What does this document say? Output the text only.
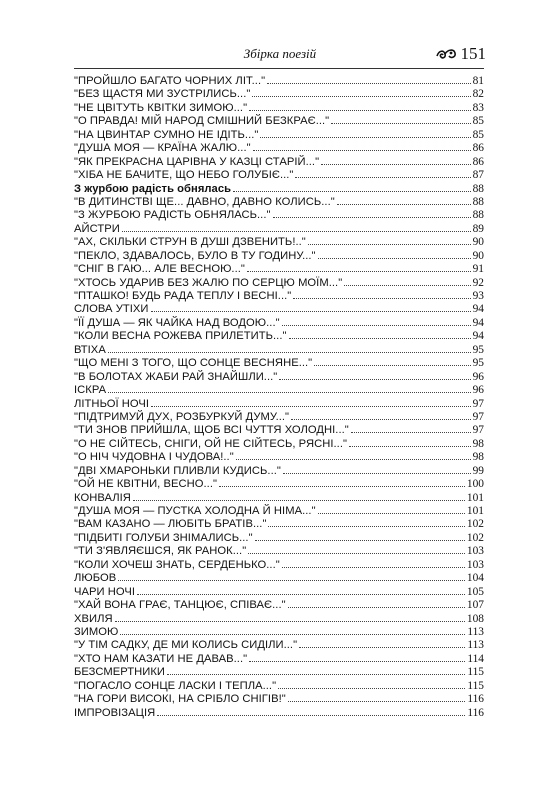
Збірка поезій	151
"ПРОЙШЛО БАГАТО ЧОРНИХ ЛІТ..."	81
"БЕЗ ЩАСТЯ МИ ЗУСТРІЛИСЬ..."	82
"НЕ ЦВІТУТЬ КВІТКИ ЗИМОЮ..."	83
"О ПРАВДА! МІЙ НАРОД СМІШНИЙ БЕЗКРАЄ..."	85
"НА ЦВИНТАР СУМНО НЕ ІДІТЬ..."	85
"ДУША МОЯ — КРАЇНА ЖАЛЮ..."	86
"ЯК ПРЕКРАСНА ЦАРІВНА У КАЗЦІ СТАРІЙ..."	86
"ХІБА НЕ БАЧИТЕ, ЩО НЕБО ГОЛУБІЄ..."	87
З журбою радість обнялась	88
"В ДИТИНСТВІ ЩЕ... ДАВНО, ДАВНО КОЛИСЬ..."	88
"З ЖУРБОЮ РАДІСТЬ ОБНЯЛАСЬ..."	88
АЙСТРИ	89
"АХ, СКІЛЬКИ СТРУН В ДУШІ ДЗВЕНИТЬ!.."	90
"ПЕКЛО, ЗДАВАЛОСЬ, БУЛО В ТУ ГОДИНУ..."	90
"СНІГ В ГАЮ... АЛЕ ВЕСНОЮ..."	91
"ХТОСЬ УДАРИВ БЕЗ ЖАЛЮ ПО СЕРЦЮ МОЇМ..."	92
"ПТАШКО! БУДЬ РАДА ТЕПЛУ І ВЕСНІ..."	93
СЛОВА УТІХИ	94
"ЇЇ ДУША — ЯК ЧАЙКА НАД ВОДОЮ..."	94
"КОЛИ ВЕСНА РОЖЕВА ПРИЛЕТИТЬ..."	94
ВТІХА	95
"ЩО МЕНІ З ТОГО, ЩО СОНЦЕ ВЕСНЯНЕ..."	95
"В БОЛОТАХ ЖАБИ РАЙ ЗНАЙШЛИ..."	96
ІСКРА	96
ЛІТНЬОЇ НОЧІ	97
"ПІДТРИМУЙ ДУХ, РОЗБУРКУЙ ДУМУ..."	97
"ТИ ЗНОВ ПРИЙШЛА, ЩОБ ВСІ ЧУТТЯ ХОЛОДНІ..."	97
"О НЕ СІЙТЕСЬ, СНІГИ, ОЙ НЕ СІЙТЕСЬ, РЯСНІ..."	98
"О НІЧ ЧУДОВНА І ЧУДОВА!.."	98
"ДВІ ХМАРОНЬКИ ПЛИВЛИ КУДИСЬ..."	99
"ОЙ НЕ КВІТНИ, ВЕСНО..."	100
КОНВАЛІЯ	101
"ДУША МОЯ — ПУСТКА ХОЛОДНА Й НІМА..."	101
"ВАМ КАЗАНО — ЛЮБІТЬ БРАТІВ..."	102
"ПІДБИТІ ГОЛУБИ ЗНІМАЛИСЬ..."	102
"ТИ З'ЯВЛЯЄШСЯ, ЯК РАНОК..."	103
"КОЛИ ХОЧЕШ ЗНАТЬ, СЕРДЕНЬКО..."	103
ЛЮБОВ	104
ЧАРИ НОЧІ	105
"ХАЙ ВОНА ГРАЄ, ТАНЦЮЄ, СПІВАЄ..."	107
ХВИЛЯ	108
ЗИМОЮ	113
"У ТІМ САДКУ, ДЕ МИ КОЛИСЬ СИДІЛИ..."	113
"ХТО НАМ КАЗАТИ НЕ ДАВАВ..."	114
БЕЗСМЕРТНИКИ	115
"ПОГАСЛО СОНЦЕ ЛАСКИ І ТЕПЛА..."	115
"НА ГОРИ ВИСОКІ, НА СРІБЛО СНІГІВ!"	116
ІМПРОВІЗАЦІЯ	116
